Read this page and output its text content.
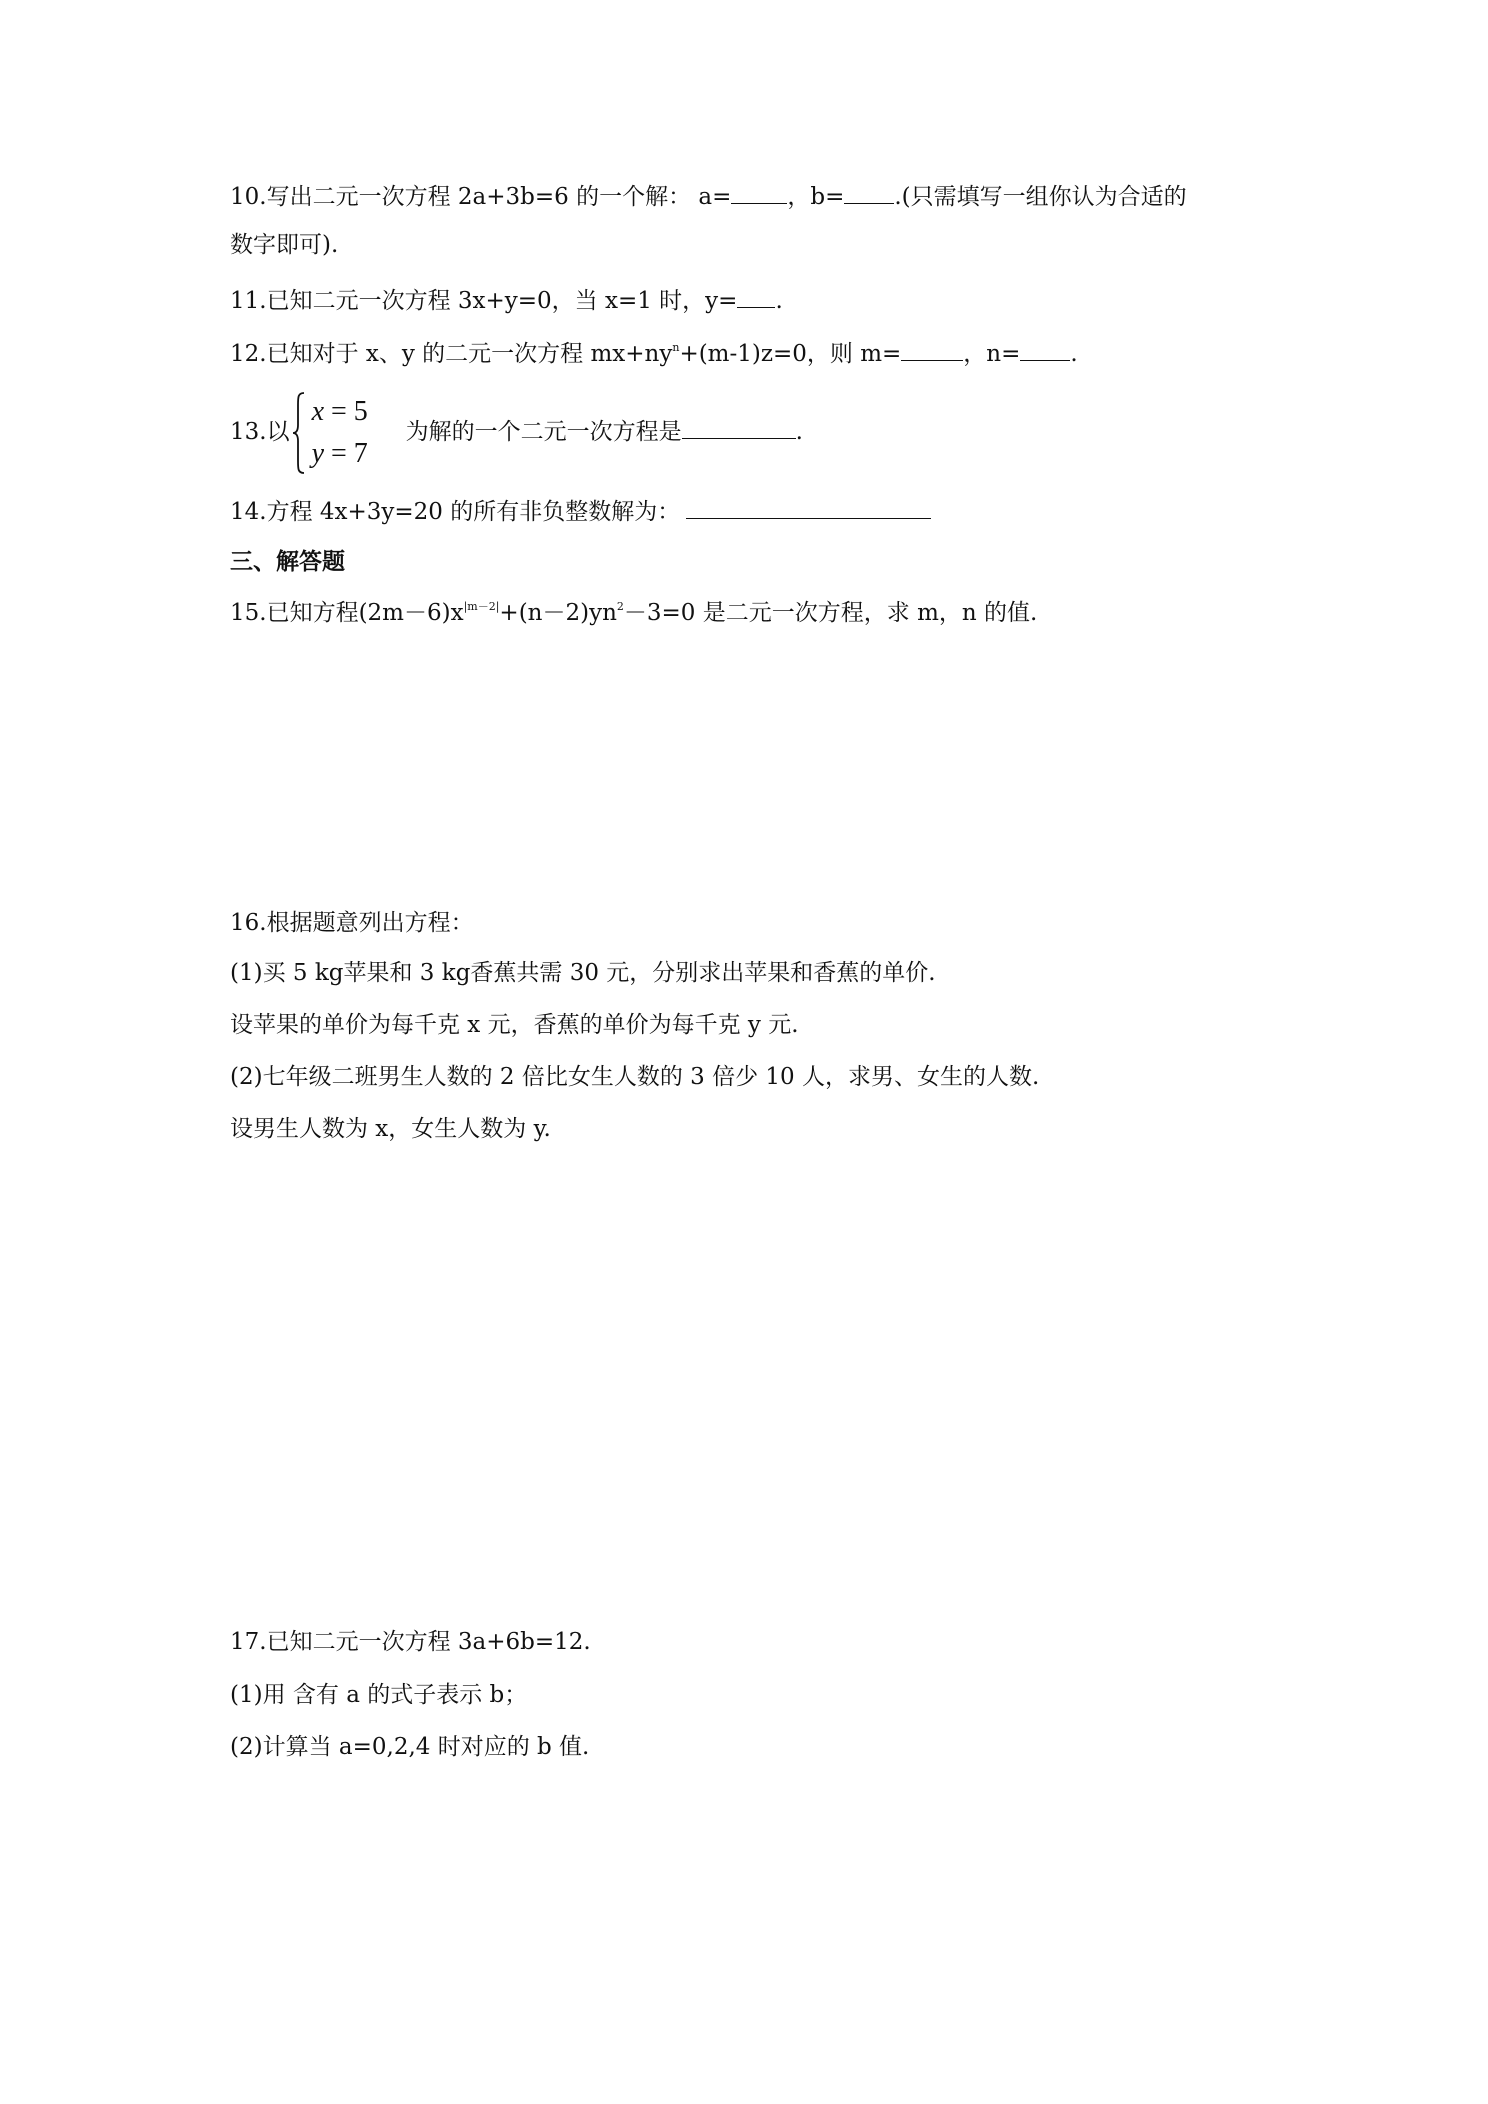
10.写出二元一次方程 2a+3b=6 的一个解： a= ，b= .(只需填写一组你认为合适的
数字即可).
11.已知二元一次方程 3x+y=0，当 x=1 时，y= .
12.已知对于 x、y 的二元一次方程 $mx+ny^n+(m-1)z=0$，则 m=	，n= .
13.以
x = 5
y = 7
为解的一个二元一次方程是	.
14.方程 4x+3y=20 的所有非负整数解为：
三、解答题
15.已知方程$(2m-6)x^{|m-2|}+(n-2)yn^2-3=0$ 是二元一次方程，求 m，n 的值.
16.根据题意列出方程：
(1)买 5 kg苹果和 3 kg香蕉共需 30 元，分别求出苹果和香蕉的单价.
设苹果的单价为每千克 x 元，香蕉的单价为每千克 y 元.
(2)七年级二班男生人数的 2 倍比女生人数的 3 倍少 10 人，求男、女生的人数.
设男生人数为 x，女生人数为 y.
17.已知二元一次方程 3a+6b=12.
(1)用 含有 a 的式子表示 b；
(2)计算当 a=0,2,4 时对应的 b 值.
